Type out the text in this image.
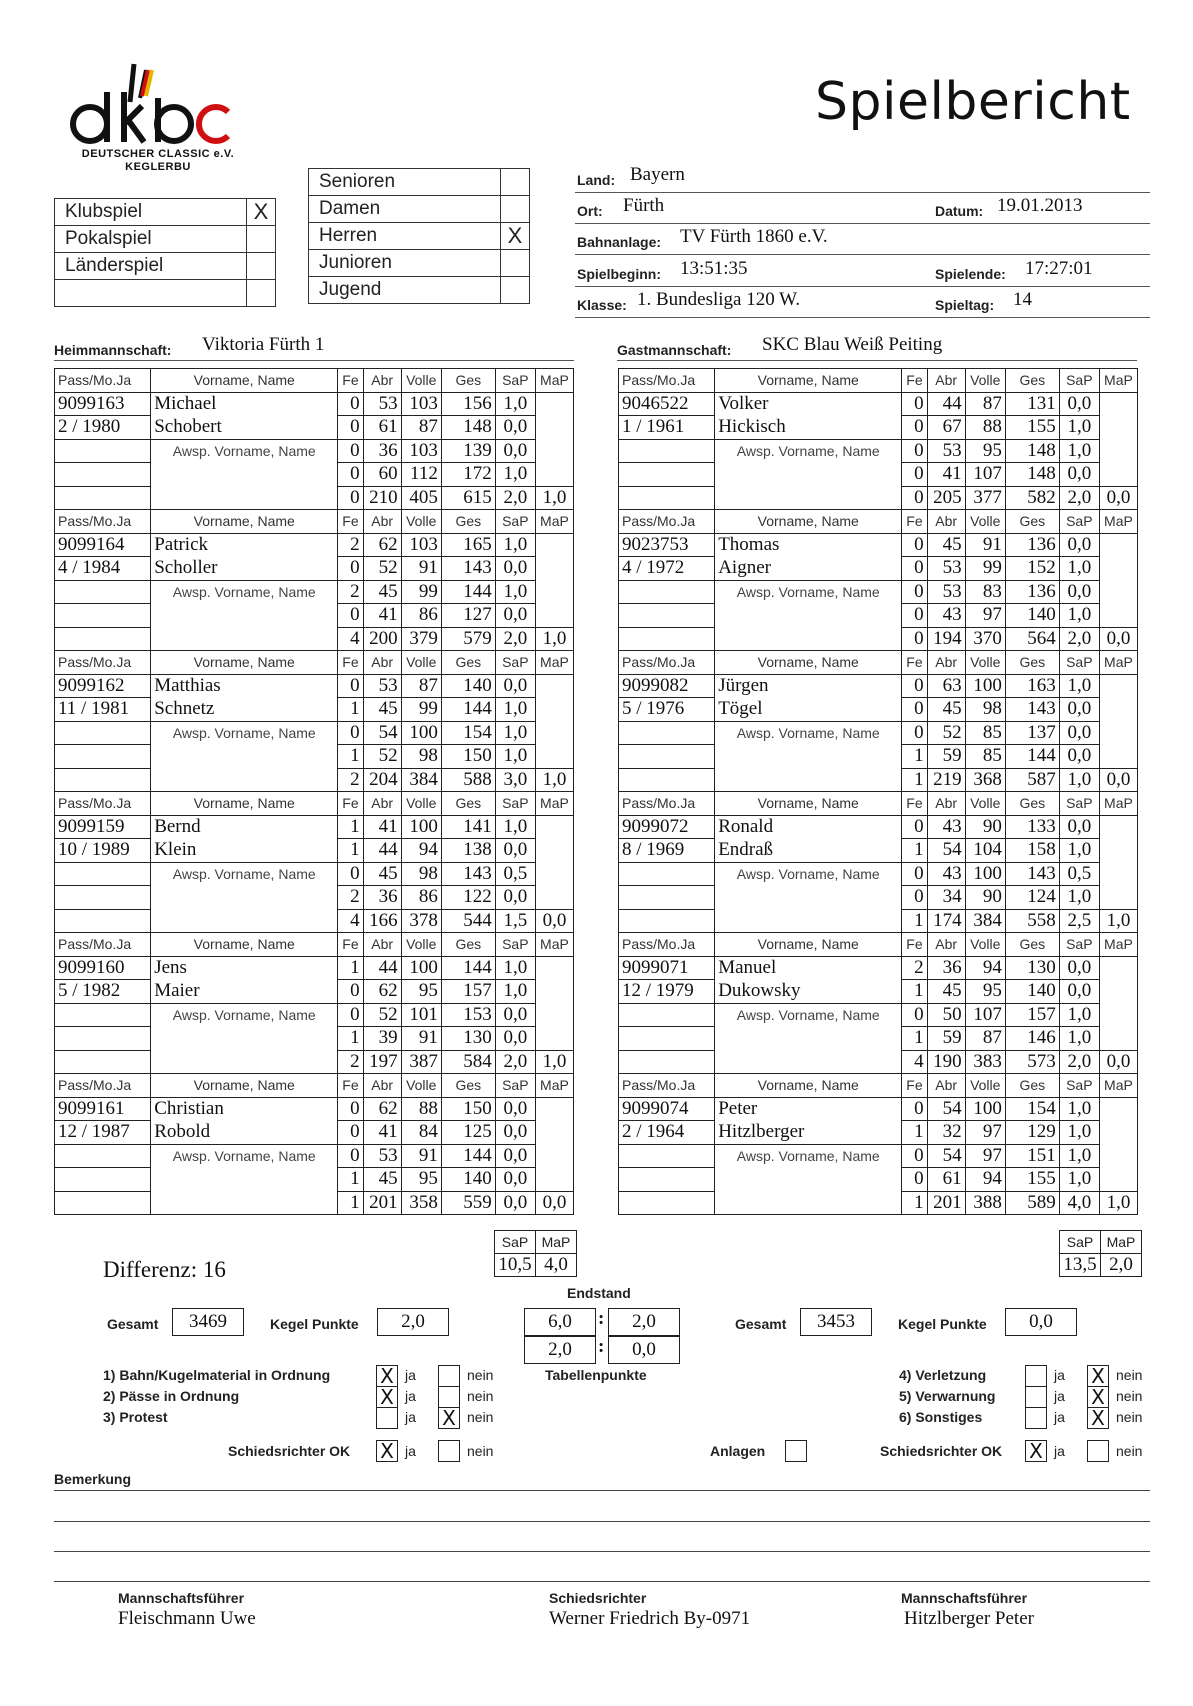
DEUTSCHER CLASSIC e.V.
KEGLERBU
Spielbericht
Klubspiel	X
Pokalspiel	
Länderspiel	

Senioren	
Damen	
Herren	X
Junioren	
Jugend	
Land: Bayern
Ort: Fürth	Datum: 19.01.2013
Bahnanlage: TV Fürth 1860 e.V.
Spielbeginn: 13:51:35	Spielende: 17:27:01
Klasse: 1. Bundesliga 120 W.	Spieltag: 14
Heimmannschaft: Viktoria Fürth 1	Gastmannschaft: SKC Blau Weiß Peiting
Pass/Mo.Ja	Vorname, Name	Fe	Abr	Volle	Ges	SaP	MaP
9099163	Michael	0	53	103	156	1,0	
2 / 1980	Schobert	0	61	87	148	0,0	
	Awsp. Vorname, Name	0	36	103	139	0,0	
		0	60	112	172	1,0	
		0	210	405	615	2,0	1,0
Pass/Mo.Ja	Vorname, Name	Fe	Abr	Volle	Ges	SaP	MaP
9099164	Patrick	2	62	103	165	1,0	
4 / 1984	Scholler	0	52	91	143	0,0	
	Awsp. Vorname, Name	2	45	99	144	1,0	
		0	41	86	127	0,0	
		4	200	379	579	2,0	1,0
Pass/Mo.Ja	Vorname, Name	Fe	Abr	Volle	Ges	SaP	MaP
9099162	Matthias	0	53	87	140	0,0	
11 / 1981	Schnetz	1	45	99	144	1,0	
	Awsp. Vorname, Name	0	54	100	154	1,0	
		1	52	98	150	1,0	
		2	204	384	588	3,0	1,0
Pass/Mo.Ja	Vorname, Name	Fe	Abr	Volle	Ges	SaP	MaP
9099159	Bernd	1	41	100	141	1,0	
10 / 1989	Klein	1	44	94	138	0,0	
	Awsp. Vorname, Name	0	45	98	143	0,5	
		2	36	86	122	0,0	
		4	166	378	544	1,5	0,0
Pass/Mo.Ja	Vorname, Name	Fe	Abr	Volle	Ges	SaP	MaP
9099160	Jens	1	44	100	144	1,0	
5 / 1982	Maier	0	62	95	157	1,0	
	Awsp. Vorname, Name	0	52	101	153	0,0	
		1	39	91	130	0,0	
		2	197	387	584	2,0	1,0
Pass/Mo.Ja	Vorname, Name	Fe	Abr	Volle	Ges	SaP	MaP
9099161	Christian	0	62	88	150	0,0	
12 / 1987	Robold	0	41	84	125	0,0	
	Awsp. Vorname, Name	0	53	91	144	0,0	
		1	45	95	140	0,0	
		1	201	358	559	0,0	0,0
Pass/Mo.Ja	Vorname, Name	Fe	Abr	Volle	Ges	SaP	MaP
9046522	Volker	0	44	87	131	0,0	
1 / 1961	Hickisch	0	67	88	155	1,0	
	Awsp. Vorname, Name	0	53	95	148	1,0	
		0	41	107	148	0,0	
		0	205	377	582	2,0	0,0
Pass/Mo.Ja	Vorname, Name	Fe	Abr	Volle	Ges	SaP	MaP
9023753	Thomas	0	45	91	136	0,0	
4 / 1972	Aigner	0	53	99	152	1,0	
	Awsp. Vorname, Name	0	53	83	136	0,0	
		0	43	97	140	1,0	
		0	194	370	564	2,0	0,0
Pass/Mo.Ja	Vorname, Name	Fe	Abr	Volle	Ges	SaP	MaP
9099082	Jürgen	0	63	100	163	1,0	
5 / 1976	Tögel	0	45	98	143	0,0	
	Awsp. Vorname, Name	0	52	85	137	0,0	
		1	59	85	144	0,0	
		1	219	368	587	1,0	0,0
Pass/Mo.Ja	Vorname, Name	Fe	Abr	Volle	Ges	SaP	MaP
9099072	Ronald	0	43	90	133	0,0	
8 / 1969	Endraß	1	54	104	158	1,0	
	Awsp. Vorname, Name	0	43	100	143	0,5	
		0	34	90	124	1,0	
		1	174	384	558	2,5	1,0
Pass/Mo.Ja	Vorname, Name	Fe	Abr	Volle	Ges	SaP	MaP
9099071	Manuel	2	36	94	130	0,0	
12 / 1979	Dukowsky	1	45	95	140	0,0	
	Awsp. Vorname, Name	0	50	107	157	1,0	
		1	59	87	146	1,0	
		4	190	383	573	2,0	0,0
Pass/Mo.Ja	Vorname, Name	Fe	Abr	Volle	Ges	SaP	MaP
9099074	Peter	0	54	100	154	1,0	
2 / 1964	Hitzlberger	1	32	97	129	1,0	
	Awsp. Vorname, Name	0	54	97	151	1,0	
		0	61	94	155	1,0	
		1	201	388	589	4,0	1,0
SaP	MaP
10,5	4,0
SaP	MaP
13,5	2,0
Differenz: 16
Gesamt	3469	Kegel Punkte	2,0	Gesamt	3453	Kegel Punkte	0,0
Endstand
6,0	:	2,0
2,0	:	0,0
Tabellenpunkte
1) Bahn/Kugelmaterial in Ordnung	X ja	nein
2) Pässe in Ordnung	X ja	nein
3) Protest	ja X nein
4) Verletzung	ja X nein
5) Verwarnung	ja X nein
6) Sonstiges	ja X nein
Schiedsrichter OK X ja	nein	Anlagen	Schiedsrichter OK X ja	nein
Bemerkung
Mannschaftsführer
Fleischmann Uwe
Schiedsrichter
Werner Friedrich By-0971
Mannschaftsführer
Hitzlberger Peter
